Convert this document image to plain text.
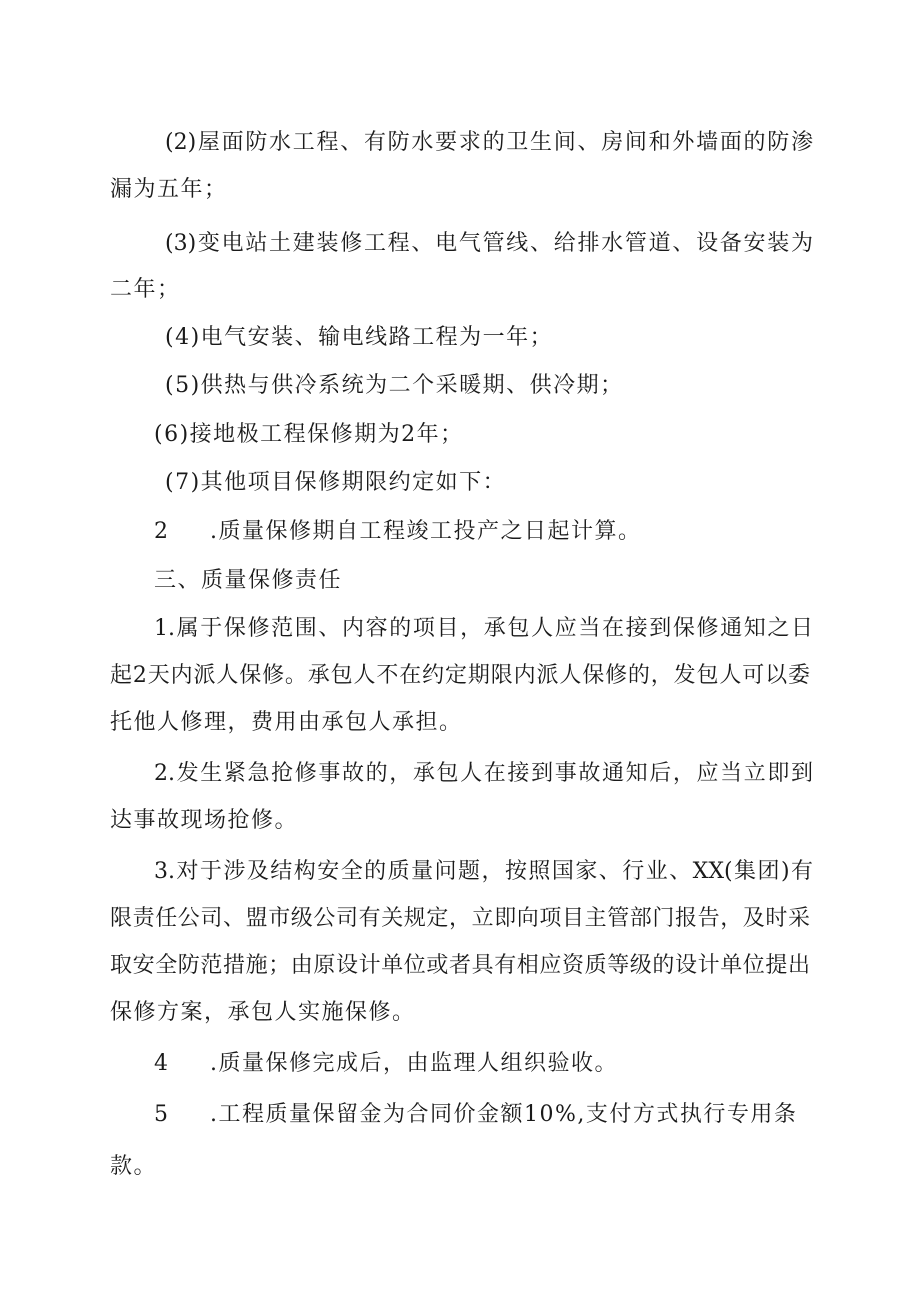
(2)屋面防水工程、有防水要求的卫生间、房间和外墙面的防渗
漏为五年；
(3)变电站土建装修工程、电气管线、给排水管道、设备安装为
二年；
(4)电气安装、输电线路工程为一年；
(5)供热与供冷系统为二个采暖期、供冷期；
(6)接地极工程保修期为2年；
(7)其他项目保修期限约定如下：
2 .质量保修期自工程竣工投产之日起计算。
三、质量保修责任
1.属于保修范围、内容的项目，承包人应当在接到保修通知之日
起2天内派人保修。承包人不在约定期限内派人保修的，发包人可以委
托他人修理，费用由承包人承担。
2.发生紧急抢修事故的，承包人在接到事故通知后，应当立即到
达事故现场抢修。
3.对于涉及结构安全的质量问题，按照国家、行业、XX(集团)有
限责任公司、盟市级公司有关规定，立即向项目主管部门报告，及时采
取安全防范措施；由原设计单位或者具有相应资质等级的设计单位提出
保修方案，承包人实施保修。
4 .质量保修完成后，由监理人组织验收。
5 .工程质量保留金为合同价金额10%,支付方式执行专用条
款。
